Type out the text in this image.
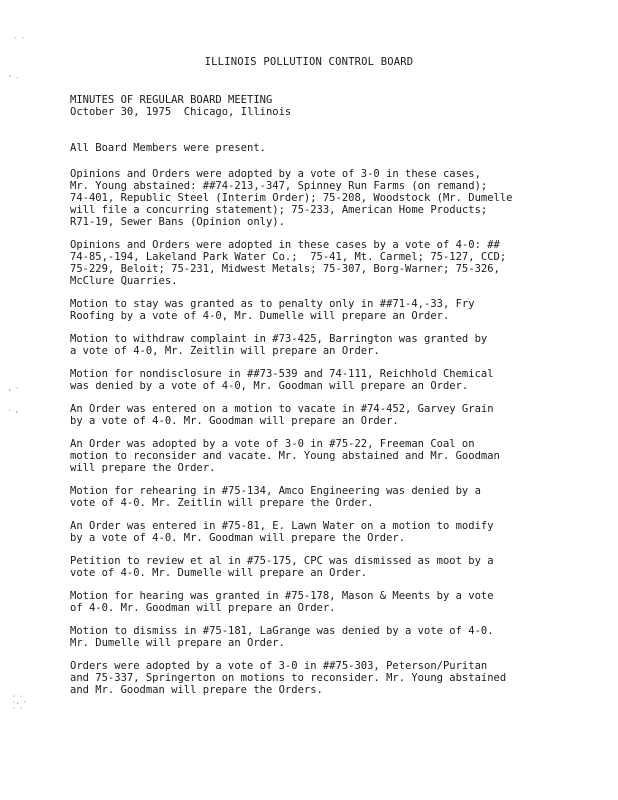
· ·
‘ ·
, ·
· ,
· ·
·. ·
· ·
ILLINOIS POLLUTION CONTROL BOARD
MINUTES OF REGULAR BOARD MEETING
October 30, 1975  Chicago, Illinois

All Board Members were present.

Opinions and Orders were adopted by a vote of 3-0 in these cases,
Mr. Young abstained: ##74-213,-347, Spinney Run Farms (on remand);
74-401, Republic Steel (Interim Order); 75-208, Woodstock (Mr. Dumelle
will file a concurring statement); 75-233, American Home Products;
R71-19, Sewer Bans (Opinion only).

Opinions and Orders were adopted in these cases by a vote of 4-0: ##
74-85,-194, Lakeland Park Water Co.;  75-41, Mt. Carmel; 75-127, CCD;
75-229, Beloit; 75-231, Midwest Metals; 75-307, Borg-Warner; 75-326,
McClure Quarries.

Motion to stay was granted as to penalty only in ##71-4,-33, Fry
Roofing by a vote of 4-0, Mr. Dumelle will prepare an Order.

Motion to withdraw complaint in #73-425, Barrington was granted by
a vote of 4-0, Mr. Zeitlin will prepare an Order.

Motion for nondisclosure in ##73-539 and 74-111, Reichhold Chemical
was denied by a vote of 4-0, Mr. Goodman will prepare an Order.

An Order was entered on a motion to vacate in #74-452, Garvey Grain
by a vote of 4-0. Mr. Goodman will prepare an Order.

An Order was adopted by a vote of 3-0 in #75-22, Freeman Coal on
motion to reconsider and vacate. Mr. Young abstained and Mr. Goodman
will prepare the Order.

Motion for rehearing in #75-134, Amco Engineering was denied by a
vote of 4-0. Mr. Zeitlin will prepare the Order.

An Order was entered in #75-81, E. Lawn Water on a motion to modify
by a vote of 4-0. Mr. Goodman will prepare the Order.

Petition to review et al in #75-175, CPC was dismissed as moot by a
vote of 4-0. Mr. Dumelle will prepare an Order.

Motion for hearing was granted in #75-178, Mason & Meents by a vote
of 4-0. Mr. Goodman will prepare an Order.

Motion to dismiss in #75-181, LaGrange was denied by a vote of 4-0.
Mr. Dumelle will prepare an Order.

Orders were adopted by a vote of 3-0 in ##75-303, Peterson/Puritan
and 75-337, Springerton on motions to reconsider. Mr. Young abstained
and Mr. Goodman will prepare the Orders.
